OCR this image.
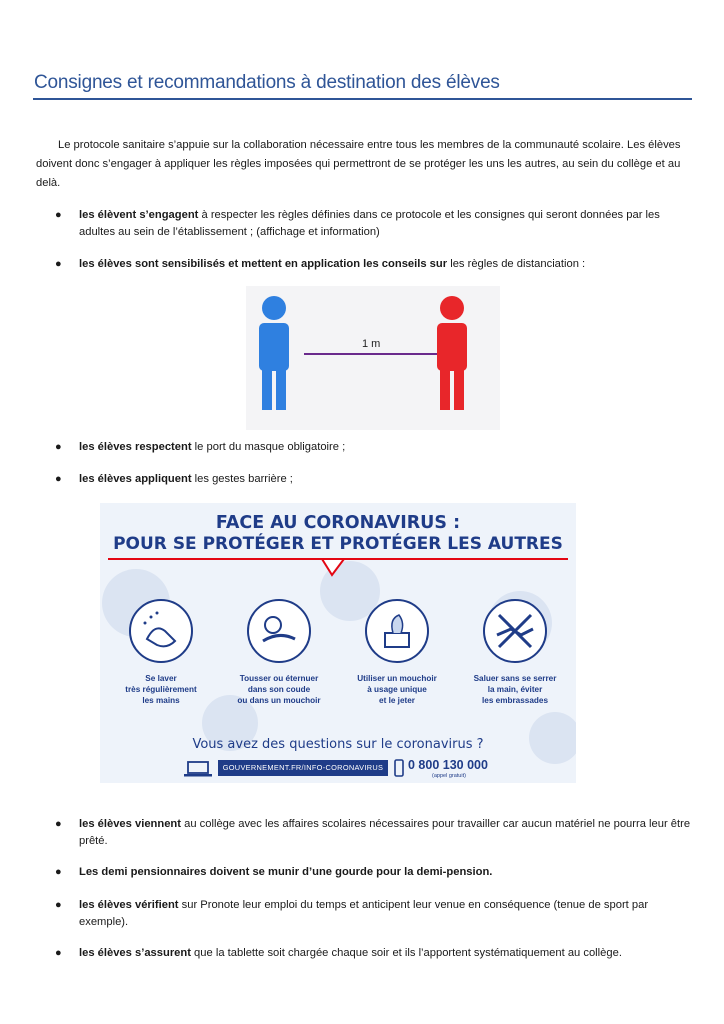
Consignes et recommandations à destination des élèves
Le protocole sanitaire s’appuie sur la collaboration nécessaire entre tous les membres de la communauté scolaire. Les élèves doivent donc s’engager à appliquer les règles imposées qui permettront de se protéger les uns les autres, au sein du collège et au delà.
● les élèvent s’engagent à respecter les règles définies dans ce protocole et les consignes qui seront données par les adultes au sein de l’établissement ; (affichage et information)
● les élèves sont sensibilisés et mettent en application les conseils sur les règles de distanciation :
1 m
● les élèves respectent le port du masque obligatoire ;
● les élèves appliquent les gestes barrière ;
FACE AU CORONAVIRUS :
POUR SE PROTÉGER ET PROTÉGER LES AUTRES
Se laver
très régulièrement
les mains
Tousser ou éternuer
dans son coude
ou dans un mouchoir
Utiliser un mouchoir
à usage unique
et le jeter
Saluer sans se serrer
la main, éviter
les embrassades
Vous avez des questions sur le coronavirus ?
GOUVERNEMENT.FR/INFO-CORONAVIRUS	0 800 130 000
(appel gratuit)
● les élèves viennent au collège avec les affaires scolaires nécessaires pour travailler car aucun matériel ne pourra leur être prêté.
● Les demi pensionnaires doivent se munir d’une gourde pour la demi-pension.
● les élèves vérifient sur Pronote leur emploi du temps et anticipent leur venue en conséquence (tenue de sport par exemple).
● les élèves s’assurent que la tablette soit chargée chaque soir et ils l’apportent systématiquement au collège.
